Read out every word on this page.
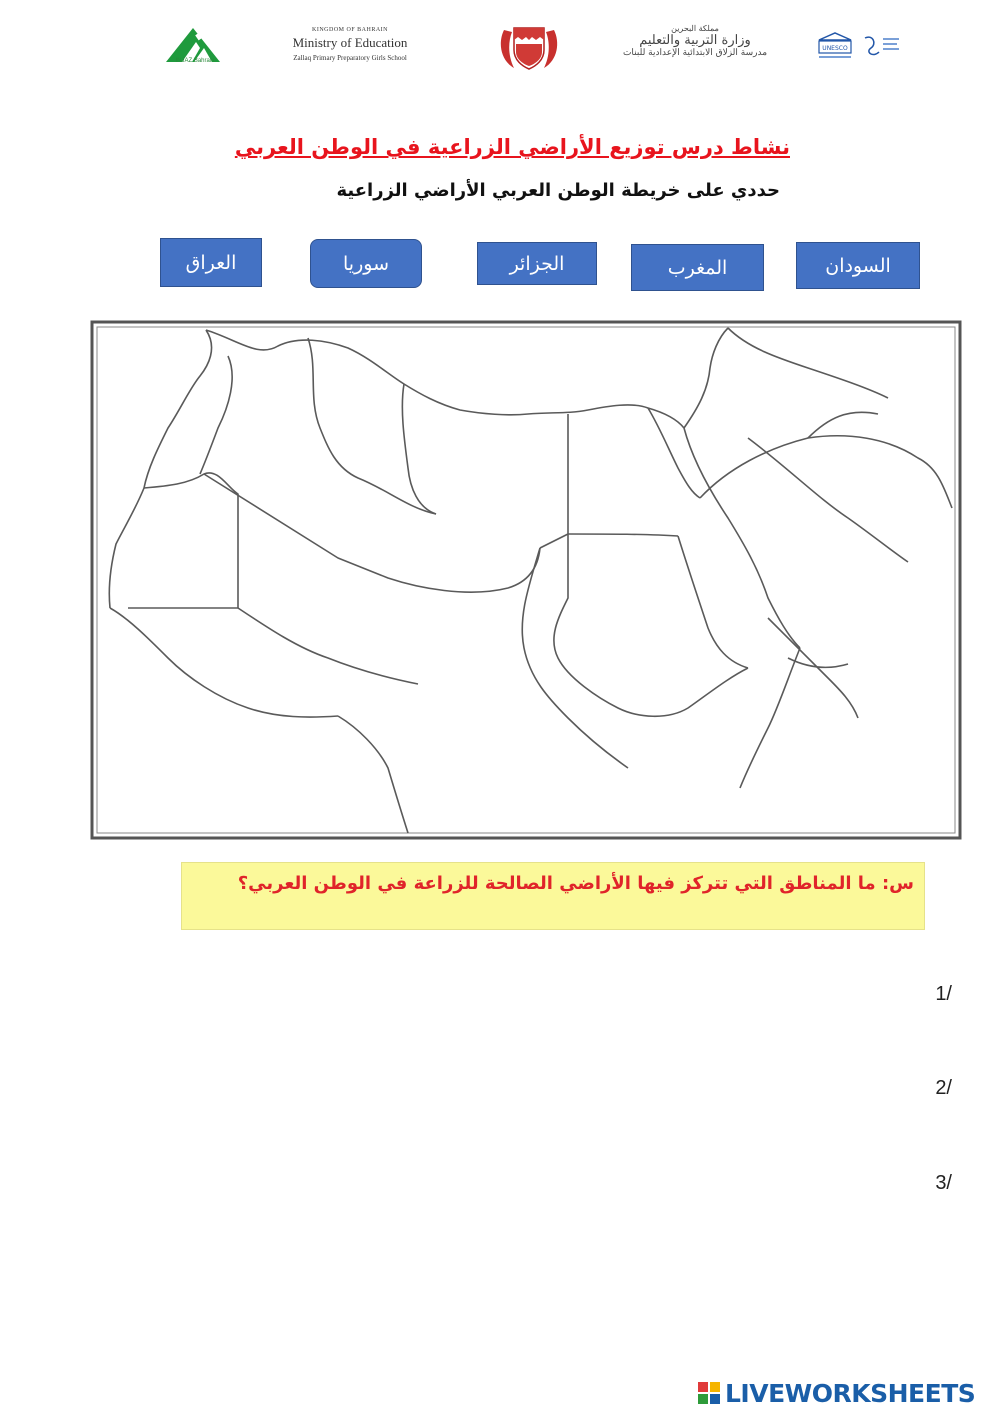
INJAZ Bahrain
KINGDOM OF BAHRAIN
Ministry of Education
Zallaq Primary Preparatory Girls School
مملكة البحرين
وزارة التربية والتعليم
مدرسة الزلاق الابتدائية الإعدادية للبنات	UNESCO
نشاط درس توزيع الأراضي الزراعية في الوطن العربي
حددي على خريطة الوطن العربي الأراضي الزراعية
السودان
المغرب
الجزائر
سوريا
العراق
س: ما المناطق التي تتركز فيها الأراضي الصالحة للزراعة في الوطن العربي؟
1/
2/
3/
LIVEWORKSHEETS
